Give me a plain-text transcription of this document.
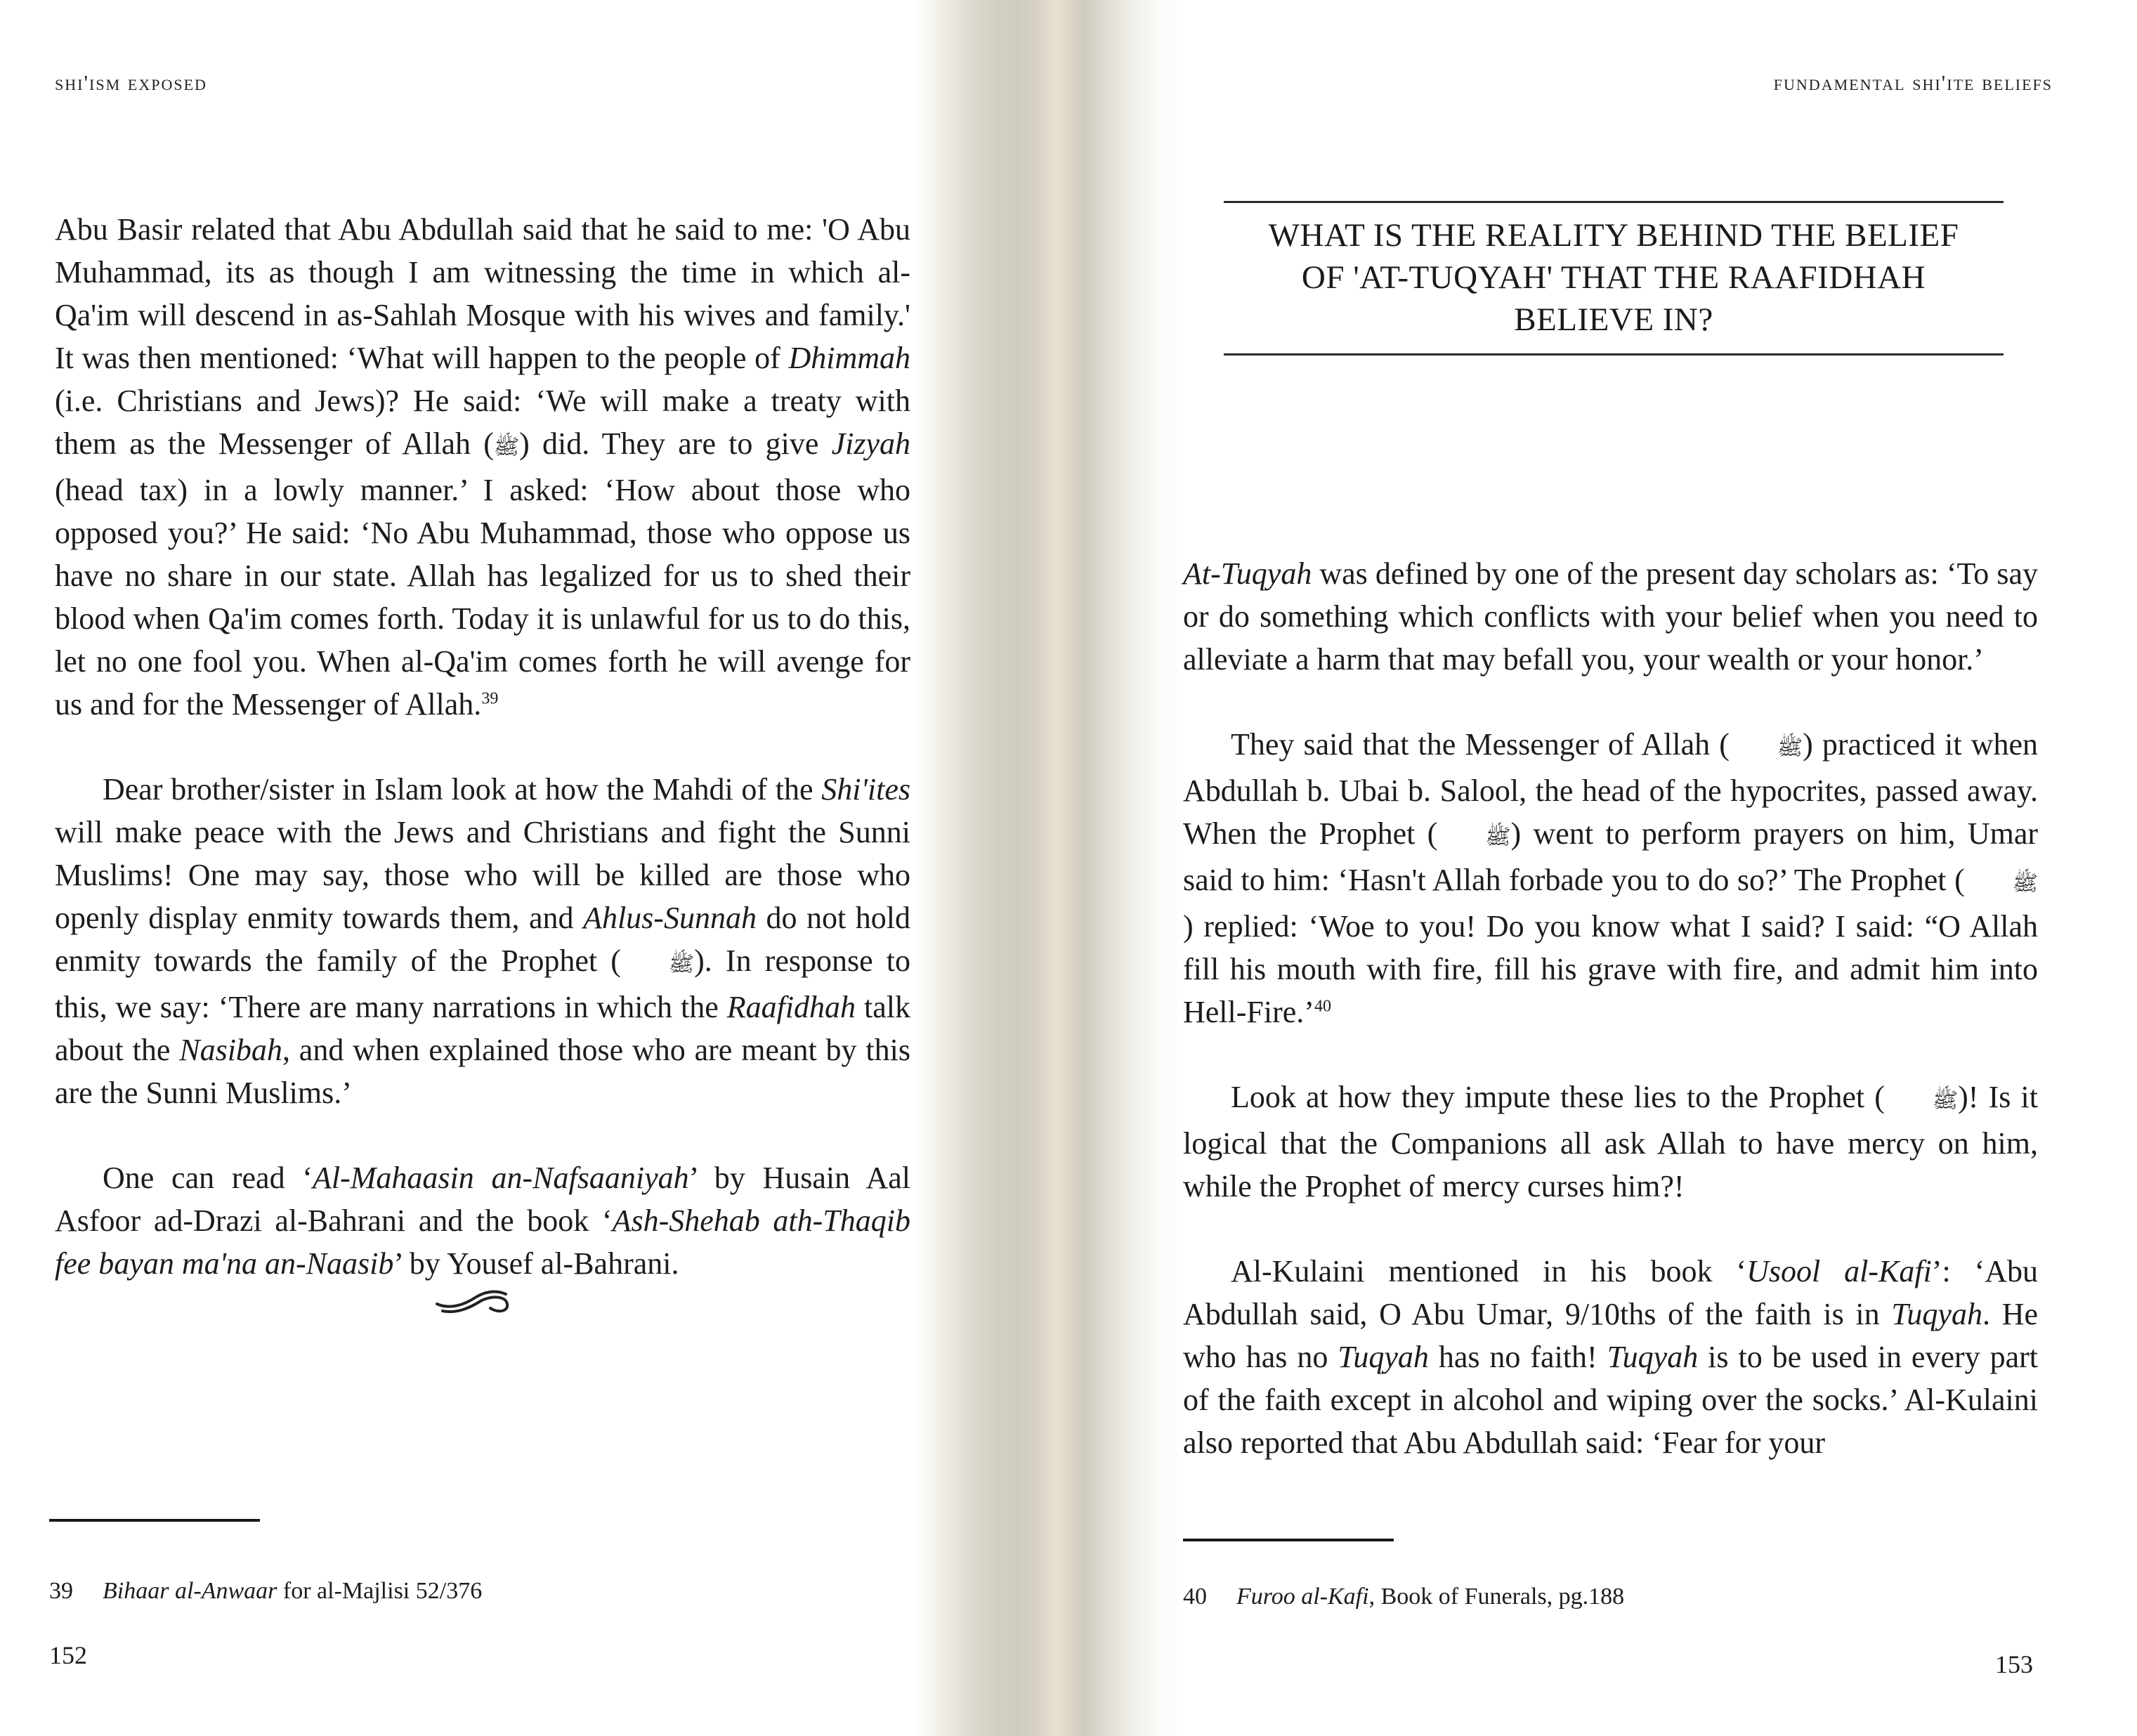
shi'ism exposed

Abu Basir related that Abu Abdullah said that he said to me: 'O Abu Muhammad, its as though I am witnessing the time in which al-Qa'im will descend in as-Sahlah Mosque with his wives and family.' It was then mentioned: ‘What will happen to the people of Dhimmah (i.e. Christians and Jews)? He said: ‘We will make a treaty with them as the Messenger of Allah (ﷺ) did. They are to give Jizyah (head tax) in a lowly manner.’ I asked: ‘How about those who opposed you?’ He said: ‘No Abu Muhammad, those who oppose us have no share in our state. Allah has legalized for us to shed their blood when Qa'im comes forth. Today it is unlawful for us to do this, let no one fool you. When al-Qa'im comes forth he will avenge for us and for the Messenger of Allah.$^{39}$

Dear brother/sister in Islam look at how the Mahdi of the Shi'ites will make peace with the Jews and Christians and fight the Sunni Muslims! One may say, those who will be killed are those who openly display enmity towards them, and Ahlus-Sunnah do not hold enmity towards the family of the Prophet ( ﷺ). In response to this, we say: ‘There are many narrations in which the Raafidhah talk about the Nasibah, and when explained those who are meant by this are the Sunni Muslims.’

One can read ‘Al-Mahaasin an-Nafsaaniyah’ by Husain Aal Asfoor ad-Drazi al-Bahrani and the book ‘Ash-Shehab ath-Thaqib fee bayan ma'na an-Naasib’ by Yousef al-Bahrani.

39 Bihaar al-Anwaar for al-Majlisi 52/376
152
fundamental shi'ite beliefs
WHAT IS THE REALITY BEHIND THE BELIEF
OF 'AT-TUQYAH' THAT THE RAAFIDHAH
BELIEVE IN?

At-Tuqyah was defined by one of the present day scholars as: ‘To say or do something which conflicts with your belief when you need to alleviate a harm that may befall you, your wealth or your honor.’

They said that the Messenger of Allah ( ﷺ) practiced it when Abdullah b. Ubai b. Salool, the head of the hypocrites, passed away. When the Prophet ( ﷺ) went to perform prayers on him, Umar said to him: ‘Hasn't Allah forbade you to do so?’ The Prophet ( ﷺ) replied: ‘Woe to you! Do you know what I said? I said: “O Allah fill his mouth with fire, fill his grave with fire, and admit him into Hell-Fire.’$^{40}$

Look at how they impute these lies to the Prophet ( ﷺ)! Is it logical that the Companions all ask Allah to have mercy on him, while the Prophet of mercy curses him?!

Al-Kulaini mentioned in his book ‘Usool al-Kafi’: ‘Abu Abdullah said, O Abu Umar, 9/10ths of the faith is in Tuqyah. He who has no Tuqyah has no faith! Tuqyah is to be used in every part of the faith except in alcohol and wiping over the socks.’ Al-Kulaini also reported that Abu Abdullah said: ‘Fear for your

40 Furoo al-Kafi, Book of Funerals, pg.188
153
